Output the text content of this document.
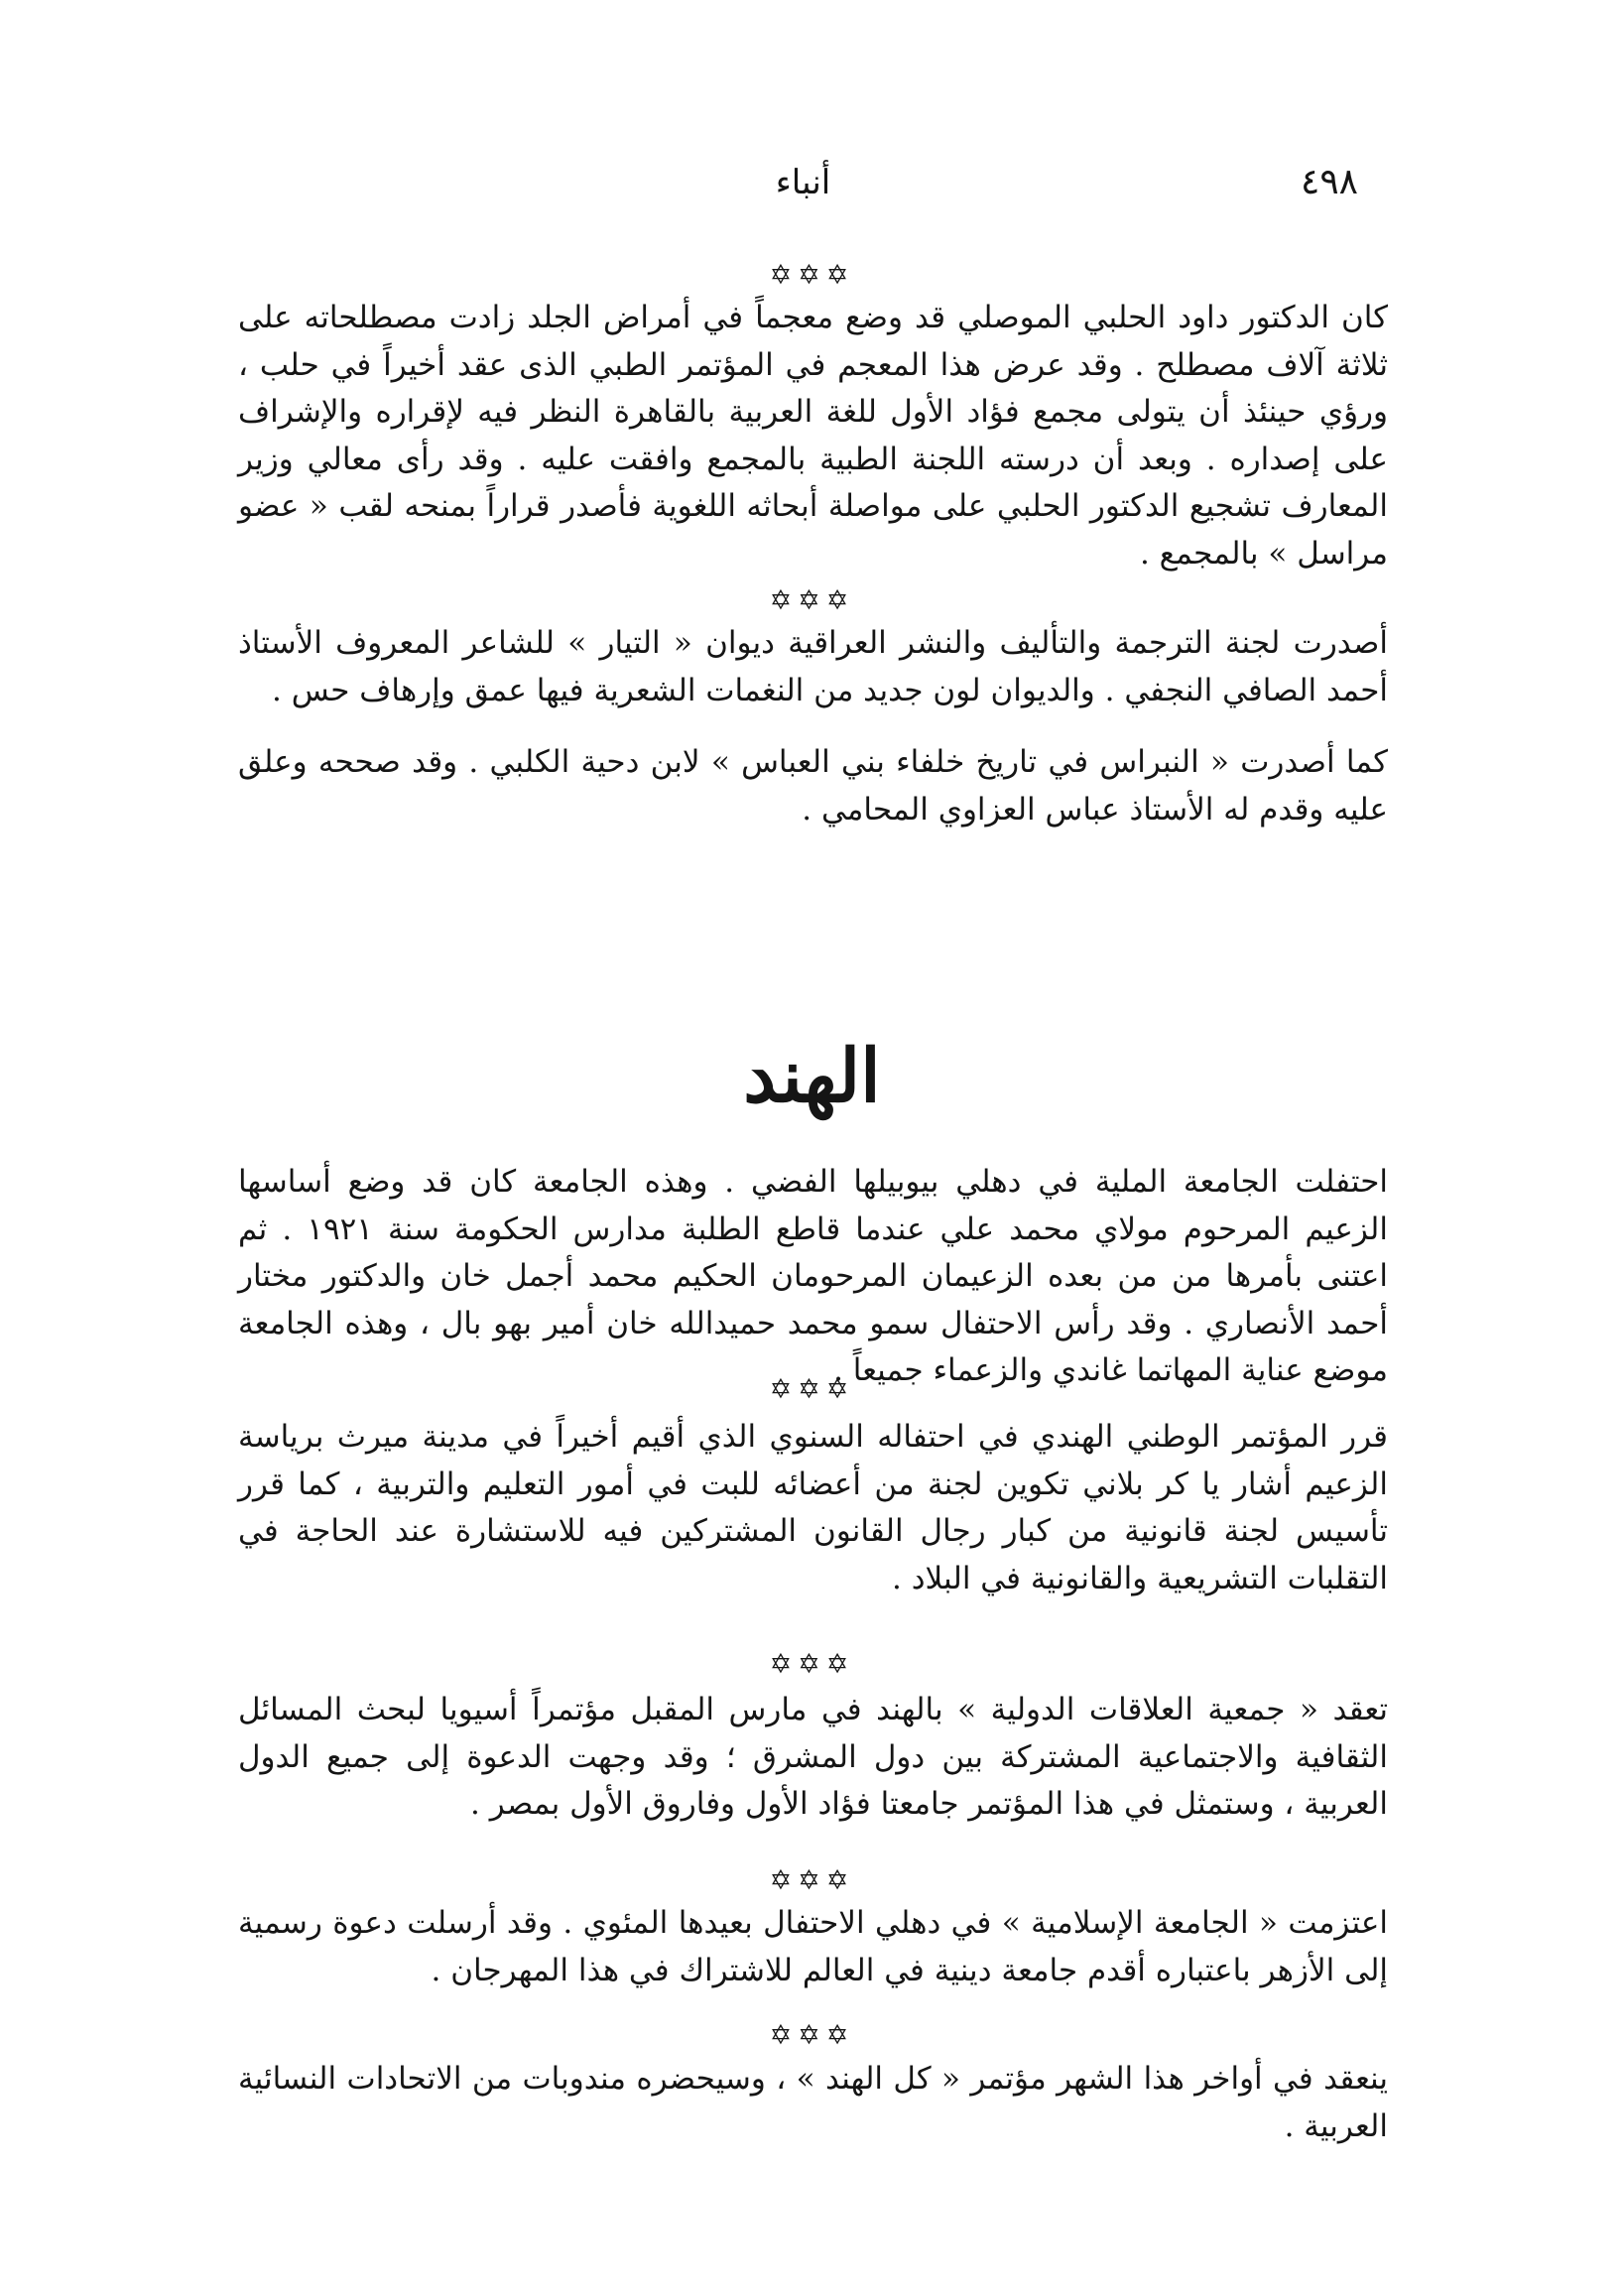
٤٩٨
أنباء
✡✡✡

كان الدكتور داود الحلبي الموصلي قد وضع معجماً في أمراض الجلد زادت مصطلحاته على ثلاثة آلاف مصطلح . وقد عرض هذا المعجم في المؤتمر الطبي الذى عقد أخيراً في حلب ، ورؤي حينئذ أن يتولى مجمع فؤاد الأول للغة العربية بالقاهرة النظر فيه لإقراره والإشراف على إصداره . وبعد أن درسته اللجنة الطبية بالمجمع وافقت عليه . وقد رأى معالي وزير المعارف تشجيع الدكتور الحلبي على مواصلة أبحاثه اللغوية فأصدر قراراً بمنحه لقب « عضو مراسل » بالمجمع .

✡✡✡

أصدرت لجنة الترجمة والتأليف والنشر العراقية ديوان « التيار » للشاعر المعروف الأستاذ أحمد الصافي النجفي . والديوان لون جديد من النغمات الشعرية فيها عمق وإرهاف حس .

كما أصدرت « النبراس في تاريخ خلفاء بني العباس » لابن دحية الكلبي . وقد صححه وعلق عليه وقدم له الأستاذ عباس العزاوي المحامي .

الهند

احتفلت الجامعة الملية في دهلي بيوبيلها الفضي . وهذه الجامعة كان قد وضع أساسها الزعيم المرحوم مولاي محمد علي عندما قاطع الطلبة مدارس الحكومة سنة ١٩٢١ . ثم اعتنى بأمرها من من بعده الزعيمان المرحومان الحكيم محمد أجمل خان والدكتور مختار أحمد الأنصاري . وقد رأس الاحتفال سمو محمد حميدالله خان أمير بهو بال ، وهذه الجامعة موضع عناية المهاتما غاندي والزعماء جميعاً .

✡✡✡

قرر المؤتمر الوطني الهندي في احتفاله السنوي الذي أقيم أخيراً في مدينة ميرث برياسة الزعيم أشار يا كر بلاني تكوين لجنة من أعضائه للبت في أمور التعليم والتربية ، كما قرر تأسيس لجنة قانونية من كبار رجال القانون المشتركين فيه للاستشارة عند الحاجة في التقلبات التشريعية والقانونية في البلاد .

✡✡✡

تعقد « جمعية العلاقات الدولية » بالهند في مارس المقبل مؤتمراً أسيويا لبحث المسائل الثقافية والاجتماعية المشتركة بين دول المشرق ؛ وقد وجهت الدعوة إلى جميع الدول العربية ، وستمثل في هذا المؤتمر جامعتا فؤاد الأول وفاروق الأول بمصر .

✡✡✡

اعتزمت « الجامعة الإسلامية » في دهلي الاحتفال بعيدها المئوي . وقد أرسلت دعوة رسمية إلى الأزهر باعتباره أقدم جامعة دينية في العالم للاشتراك في هذا المهرجان .

✡✡✡

ينعقد في أواخر هذا الشهر مؤتمر « كل الهند » ، وسيحضره مندوبات من الاتحادات النسائية العربية .
